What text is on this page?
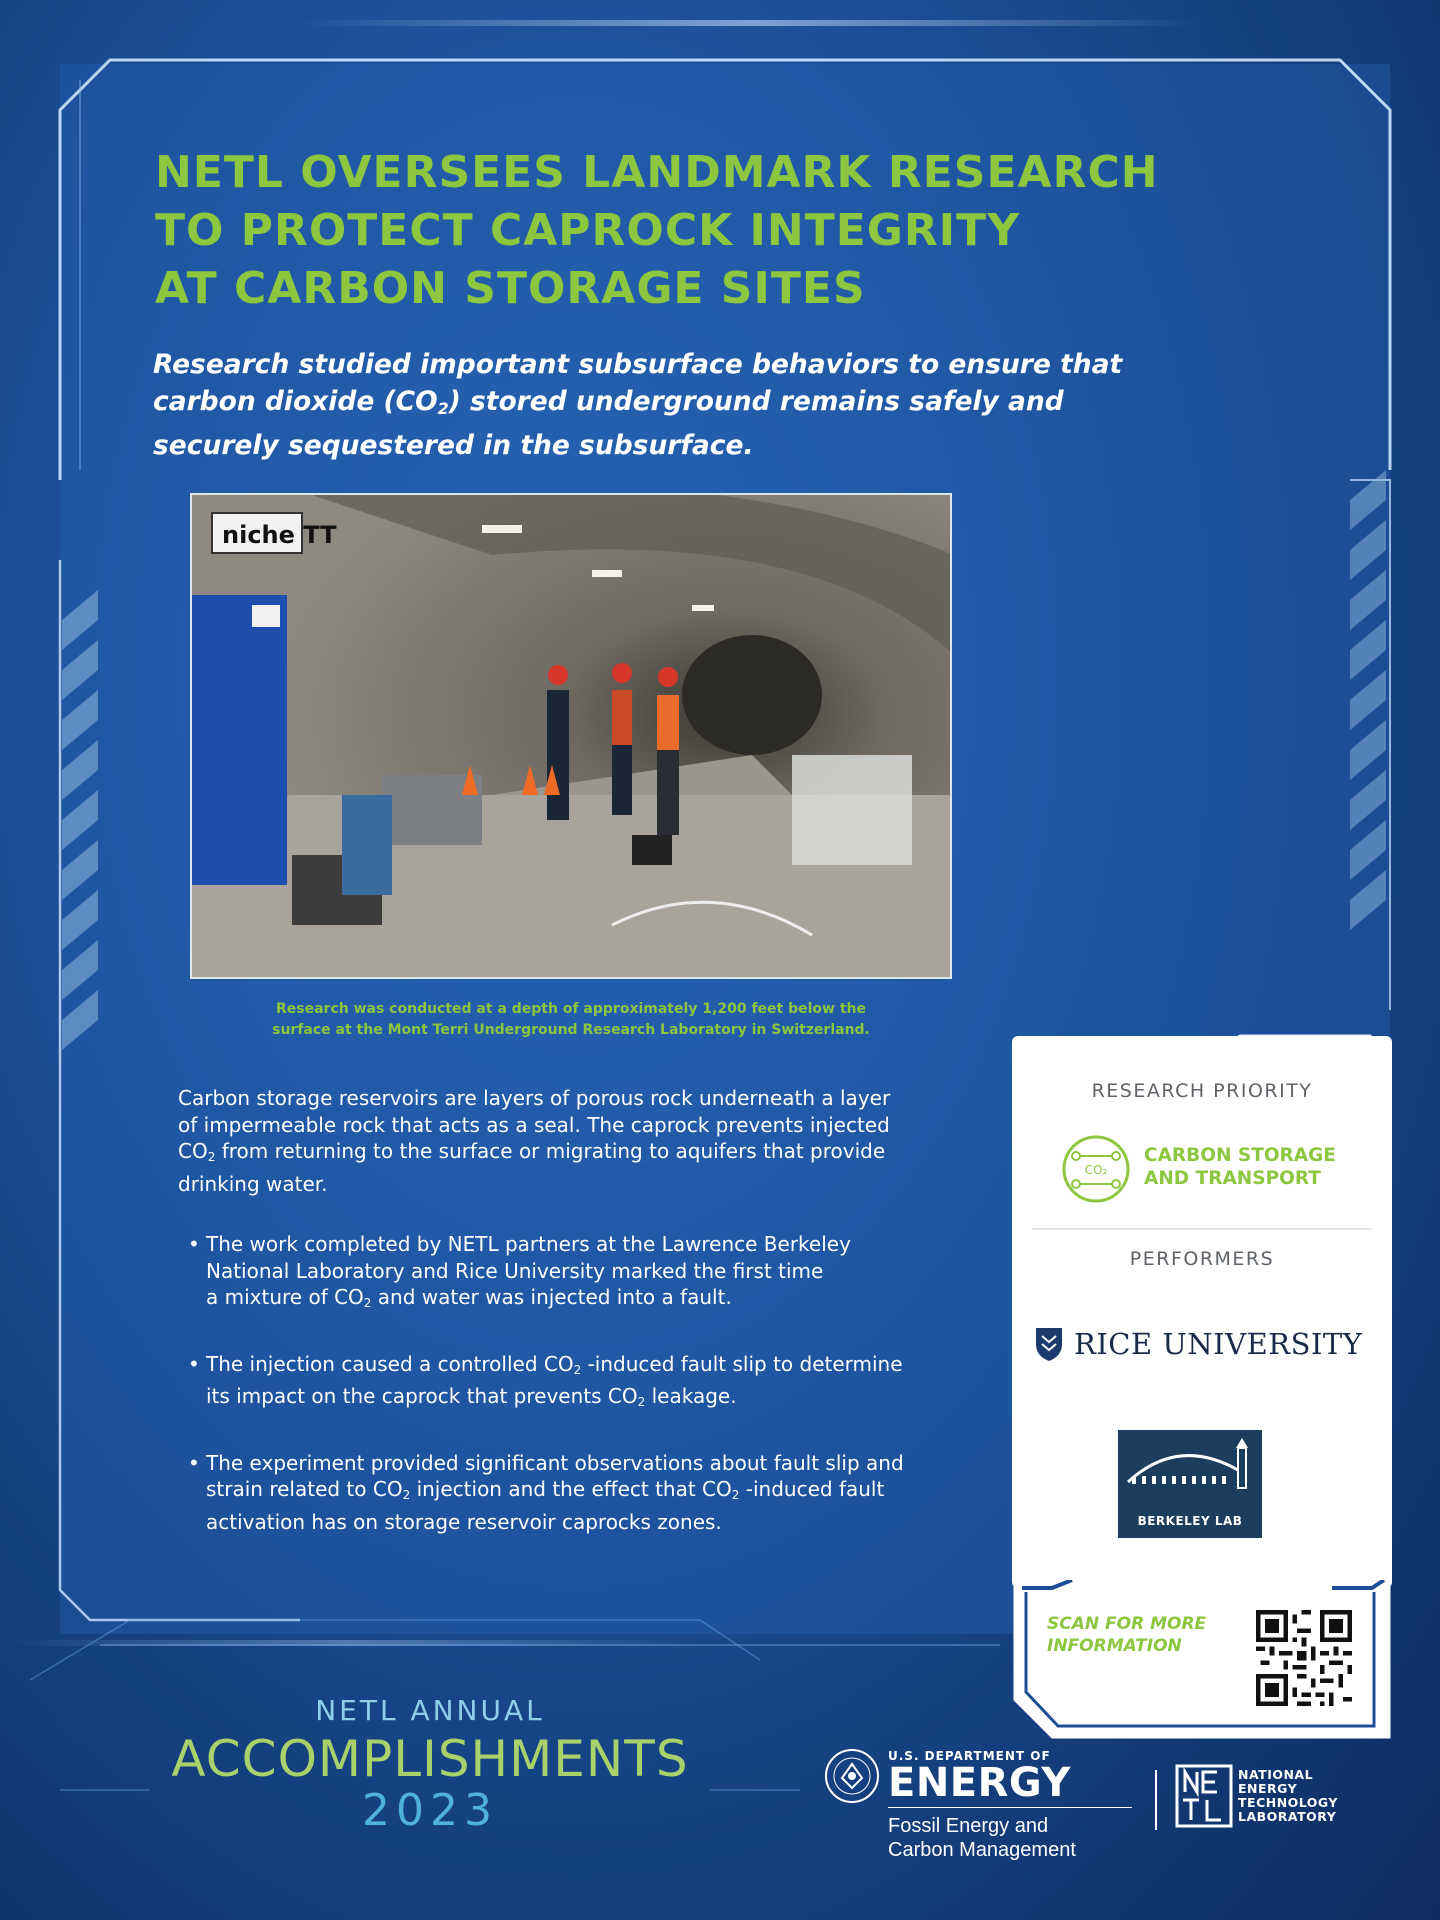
NETL OVERSEES LANDMARK RESEARCH
TO PROTECT CAPROCK INTEGRITY
AT CARBON STORAGE SITES
Research studied important subsurface behaviors to ensure that
carbon dioxide $(CO_2)$ stored underground remains safely and
securely sequestered in the subsurface.
niche TT
Research was conducted at a depth of approximately 1,200 feet below the
surface at the Mont Terri Underground Research Laboratory in Switzerland.
Carbon storage reservoirs are layers of porous rock underneath a layer
of impermeable rock that acts as a seal. The caprock prevents injected
$CO_2$ from returning to the surface or migrating to aquifers that provide
drinking water.
• The work completed by NETL partners at the Lawrence Berkeley
National Laboratory and Rice University marked the first time
a mixture of $CO_2$ and water was injected into a fault.
• The injection caused a controlled $CO_2$ -induced fault slip to determine
its impact on the caprock that prevents $CO_2$ leakage.
• The experiment provided significant observations about fault slip and
strain related to $CO_2$ injection and the effect that $CO_2$ -induced fault
activation has on storage reservoir caprocks zones.
RESEARCH PRIORITY
CO₂
CARBON STORAGE
AND TRANSPORT
PERFORMERS
RICE UNIVERSITY
BERKELEY LAB
SCAN FOR MORE
INFORMATION
NETL ANNUAL
ACCOMPLISHMENTS
2023
U.S. DEPARTMENT OF
ENERGY
Fossil Energy and
Carbon Management
NATIONAL
ENERGY
TECHNOLOGY
LABORATORY
